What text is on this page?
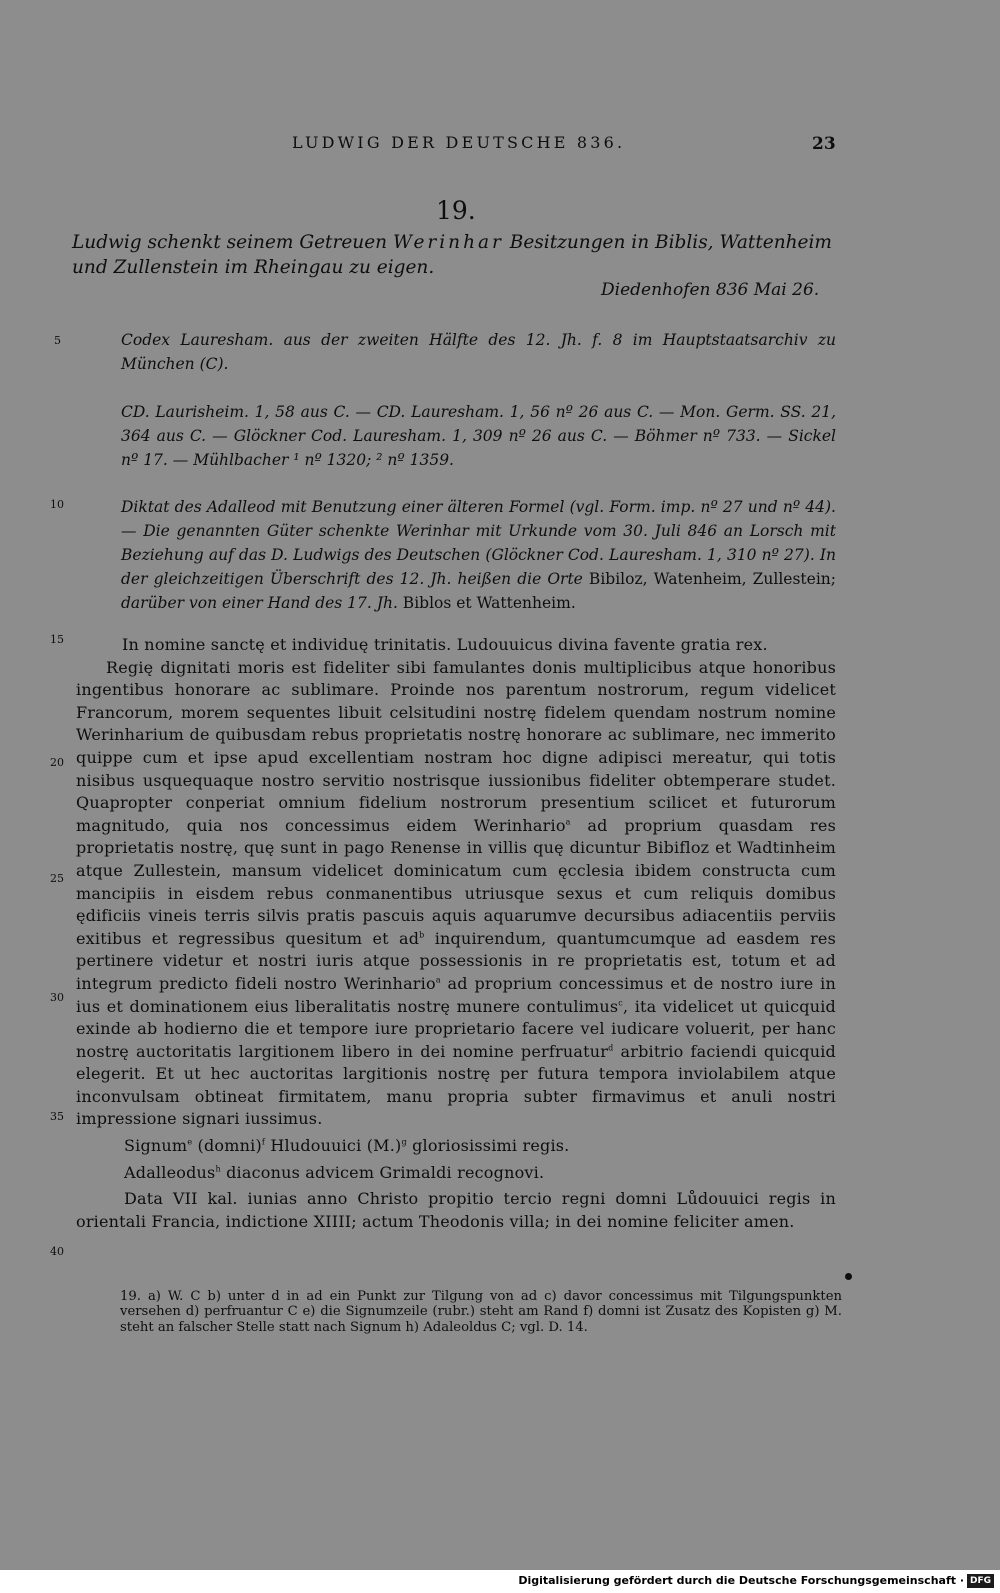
LUDWIG DER DEUTSCHE 836.	23
19.
Ludwig schenkt seinem Getreuen Werinhar Besitzungen in Biblis, Wattenheim und Zullenstein im Rheingau zu eigen.
Diedenhofen 836 Mai 26.
5
10
15
20
25
30
35
40
Codex Lauresham. aus der zweiten Hälfte des 12. Jh. f. 8 im Hauptstaatsarchiv zu München (C).
CD. Laurisheim. 1, 58 aus C. — CD. Lauresham. 1, 56 nº 26 aus C. — Mon. Germ. SS. 21, 364 aus C. — Glöckner Cod. Lauresham. 1, 309 nº 26 aus C. — Böhmer nº 733. — Sickel nº 17. — Mühlbacher ¹ nº 1320; ² nº 1359.
Diktat des Adalleod mit Benutzung einer älteren Formel (vgl. Form. imp. nº 27 und nº 44). — Die genannten Güter schenkte Werinhar mit Urkunde vom 30. Juli 846 an Lorsch mit Beziehung auf das D. Ludwigs des Deutschen (Glöckner Cod. Lauresham. 1, 310 nº 27). In der gleichzeitigen Überschrift des 12. Jh. heißen die Orte Bibiloz, Watenheim, Zullestein; darüber von einer Hand des 17. Jh. Biblos et Wattenheim.

In nomine sanctę et individuę trinitatis. Ludouuicus divina favente gratia rex.

Regię dignitati moris est fideliter sibi famulantes donis multiplicibus atque honoribus ingentibus honorare ac sublimare. Proinde nos parentum nostrorum, regum videlicet Francorum, morem sequentes libuit celsitudini nostrę fidelem quendam nostrum nomine Werinharium de quibusdam rebus proprietatis nostrę honorare ac sublimare, nec immerito quippe cum et ipse apud excellentiam nostram hoc digne adipisci mereatur, qui totis nisibus usquequaque nostro servitio nostrisque iussionibus fideliter obtemperare studet. Quapropter conperiat omnium fidelium nostrorum presentium scilicet et futurorum magnitudo, quia nos concessimus eidem Werinhario$^a$ ad proprium quasdam res proprietatis nostrę, quę sunt in pago Renense in villis quę dicuntur Bibifloz et Wadtinheim atque Zullestein, mansum videlicet dominicatum cum ęcclesia ibidem constructa cum mancipiis in eisdem rebus conmanentibus utriusque sexus et cum reliquis domibus ędificiis vineis terris silvis pratis pascuis aquis aquarumve decursibus adiacentiis perviis exitibus et regressibus quesitum et $ad^b$ inquirendum, quantumcumque ad easdem res pertinere videtur et nostri iuris atque possessionis in re proprietatis est, totum et ad integrum predicto fideli nostro Werinhario$^a$ ad proprium concessimus et de nostro iure in ius et dominationem eius liberalitatis nostrę munere contulimus$^c$, ita videlicet ut quicquid exinde ab hodierno die et tempore iure proprietario facere vel iudicare voluerit, per hanc nostrę auctoritatis largitionem libero in dei nomine perfruatur$^d$ arbitrio faciendi quicquid elegerit. Et ut hec auctoritas largitionis nostrę per futura tempora inviolabilem atque inconvulsam obtineat firmitatem, manu propria subter firmavimus et anuli nostri impressione signari iussimus.

Signum$^e$ (domni)$^f$ Hludouuici $(M.)^g$ gloriosissimi regis.

Adalleodus$^h$ diaconus advicem Grimaldi recognovi.

Data VII kal. iunias anno Christo propitio tercio regni domni Lůdouuici regis in orientali Francia, indictione XIIII; actum Theodonis villa; in dei nomine feliciter amen.

19. a) W. C b) unter d in ad ein Punkt zur Tilgung von ad c) davor concessimus mit Tilgungspunkten versehen d) perfruantur C e) die Signumzeile (rubr.) steht am Rand f) domni ist Zusatz des Kopisten g) M. steht an falscher Stelle statt nach Signum h) Adaleoldus C; vgl. D. 14.
Digitalisierung gefördert durch die Deutsche Forschungsgemeinschaft · DFG
